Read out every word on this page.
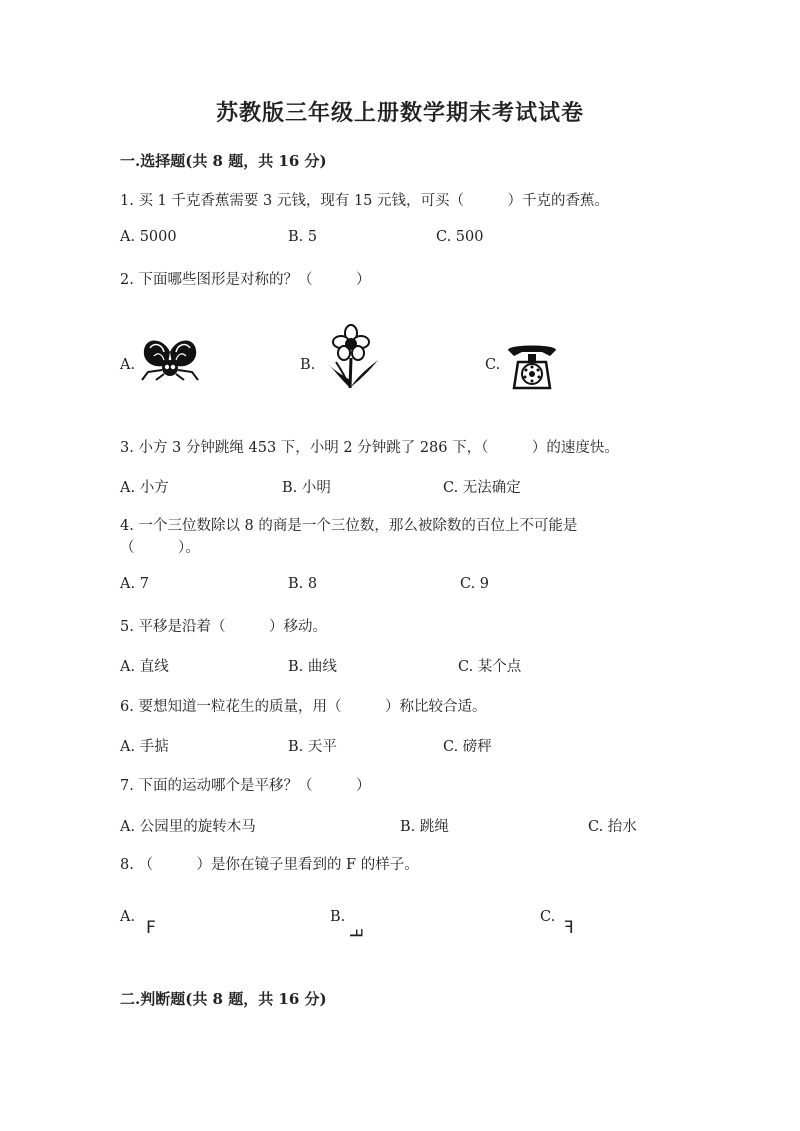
苏教版三年级上册数学期末考试试卷
一.选择题(共 8 题，共 16 分)
1. 买 1 千克香蕉需要 3 元钱，现有 15 元钱，可买（　　　）千克的香蕉。
A. 5000	B. 5	C. 500
2. 下面哪些图形是对称的？（　　　）
A.	B.	C.
3. 小方 3 分钟跳绳 453 下，小明 2 分钟跳了 286 下，（　　　）的速度快。
A. 小方	B. 小明	C. 无法确定
4. 一个三位数除以 8 的商是一个三位数，那么被除数的百位上不可能是
（　　　）。
A. 7	B. 8	C. 9
5. 平移是沿着（　　　）移动。
A. 直线	B. 曲线	C. 某个点
6. 要想知道一粒花生的质量，用（　　　）称比较合适。
A. 手掂	B. 天平	C. 磅秤
7. 下面的运动哪个是平移？（　　　）
A. 公园里的旋转木马	B. 跳绳	C. 抬水
8. （　　　）是你在镜子里看到的 F 的样子。
A.
F
B.
F
C.
F
二.判断题(共 8 题，共 16 分)
